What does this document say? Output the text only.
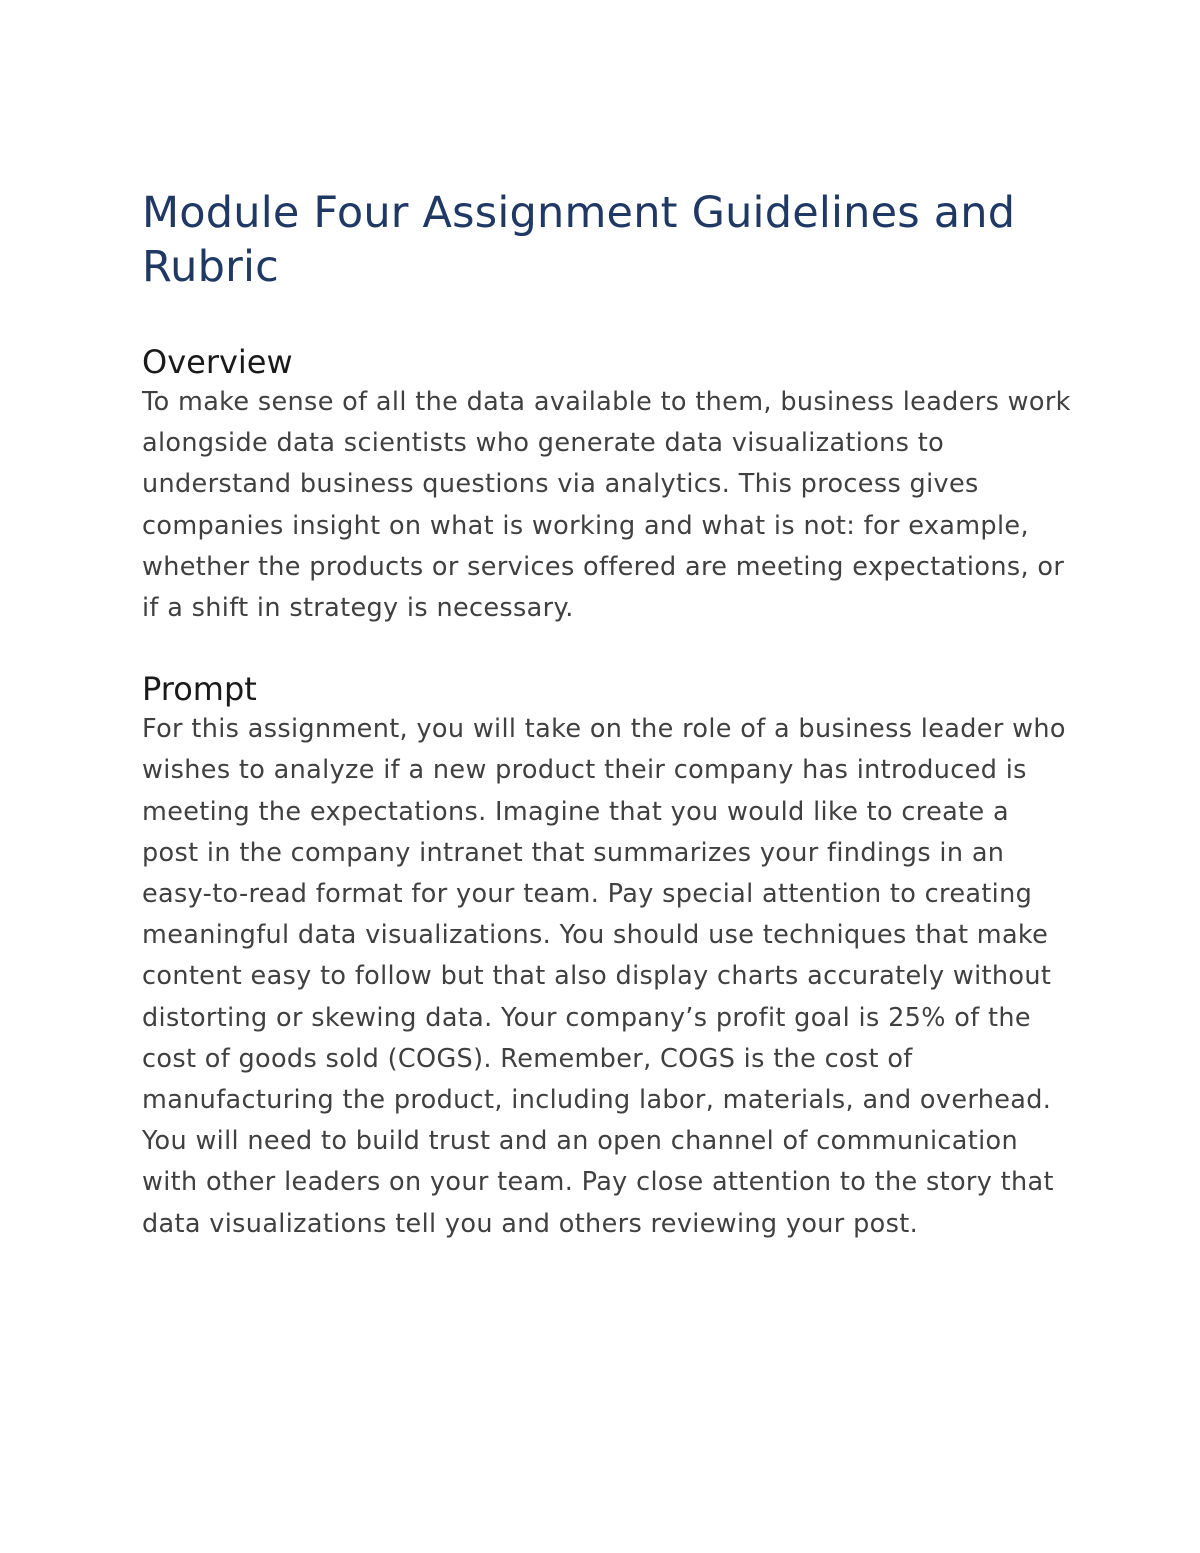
Module Four Assignment Guidelines and Rubric
Overview

To make sense of all the data available to them, business leaders work alongside data scientists who generate data visualizations to understand business questions via analytics. This process gives companies insight on what is working and what is not: for example, whether the products or services offered are meeting expectations, or if a shift in strategy is necessary.

Prompt

For this assignment, you will take on the role of a business leader who wishes to analyze if a new product their company has introduced is meeting the expectations. Imagine that you would like to create a post in the company intranet that summarizes your findings in an easy-to-read format for your team. Pay special attention to creating meaningful data visualizations. You should use techniques that make content easy to follow but that also display charts accurately without distorting or skewing data. Your company’s profit goal is 25% of the cost of goods sold (COGS). Remember, COGS is the cost of manufacturing the product, including labor, materials, and overhead. You will need to build trust and an open channel of communication with other leaders on your team. Pay close attention to the story that data visualizations tell you and others reviewing your post.
